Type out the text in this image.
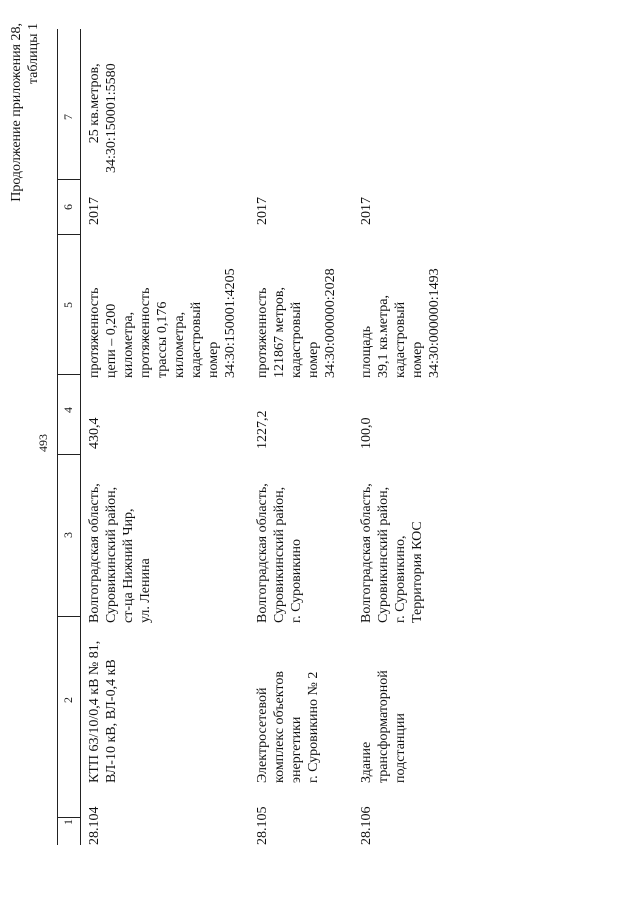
493
Продолжение приложения 28, таблицы 1
1
2
3
4
5
6
7
28.104
КТП 63/10/0,4 кВ № 81, ВЛ-10 кВ, ВЛ-0,4 кВ
Волгоградская область, Суровикинский район, ст-ца Нижний Чир, ул. Ленина
430,4
протяженность цепи – 0,200 километра, протяженность трассы 0,176 километра, кадастровый номер 34:30:150001:4205
2017
25 кв.метров, 34:30:150001:5580
28.105
Электросетевой комплекс объектов энергетики г. Суровикино № 2
Волгоградская область, Суровикинский район, г. Суровикино
1227,2
протяженность 121867 метров, кадастровый номер 34:30:000000:2028
2017
28.106
Здание трансформаторной подстанции
Волгоградская область, Суровикинский район, г. Суровикино, Территория КОС
100,0
площадь 39,1 кв.метра, кадастровый номер 34:30:000000:1493
2017
